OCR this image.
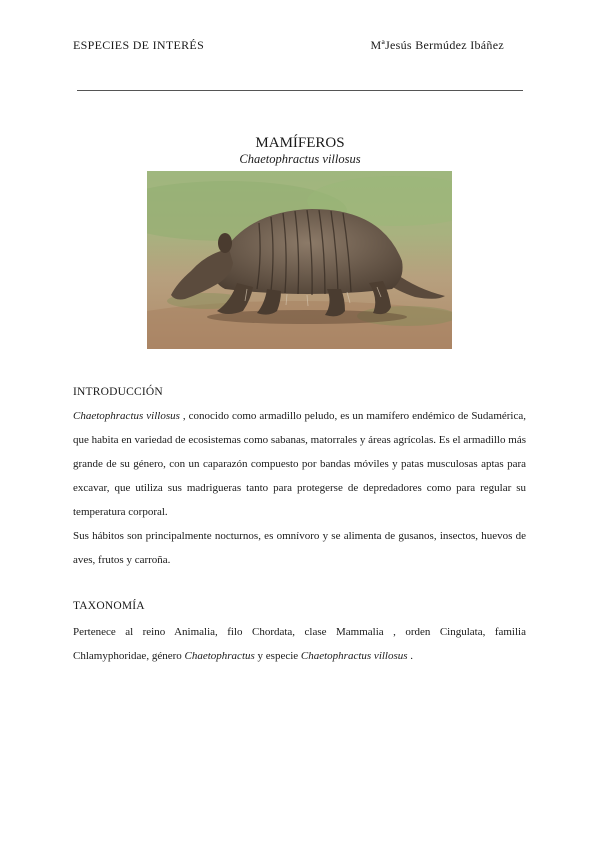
ESPECIES DE INTERÉS	MªJesús Bermúdez Ibáñez
MAMÍFEROS
Chaetophractus villosus
INTRODUCCIÓN
Chaetophractus villosus , conocido como armadillo peludo, es un mamífero endémico de Sudamérica, que habita en variedad de ecosistemas como sabanas, matorrales y áreas agrícolas. Es el armadillo más grande de su género, con un caparazón compuesto por bandas móviles y patas musculosas aptas para excavar, que utiliza sus madrigueras tanto para protegerse de depredadores como para regular su temperatura corporal.
Sus hábitos son principalmente nocturnos, es omnívoro y se alimenta de gusanos, insectos, huevos de aves, frutos y carroña.
TAXONOMÍA
Pertenece al reino Animalia, filo Chordata, clase Mammalia , orden Cingulata, familia Chlamyphoridae, género Chaetophractus y especie Chaetophractus villosus .
